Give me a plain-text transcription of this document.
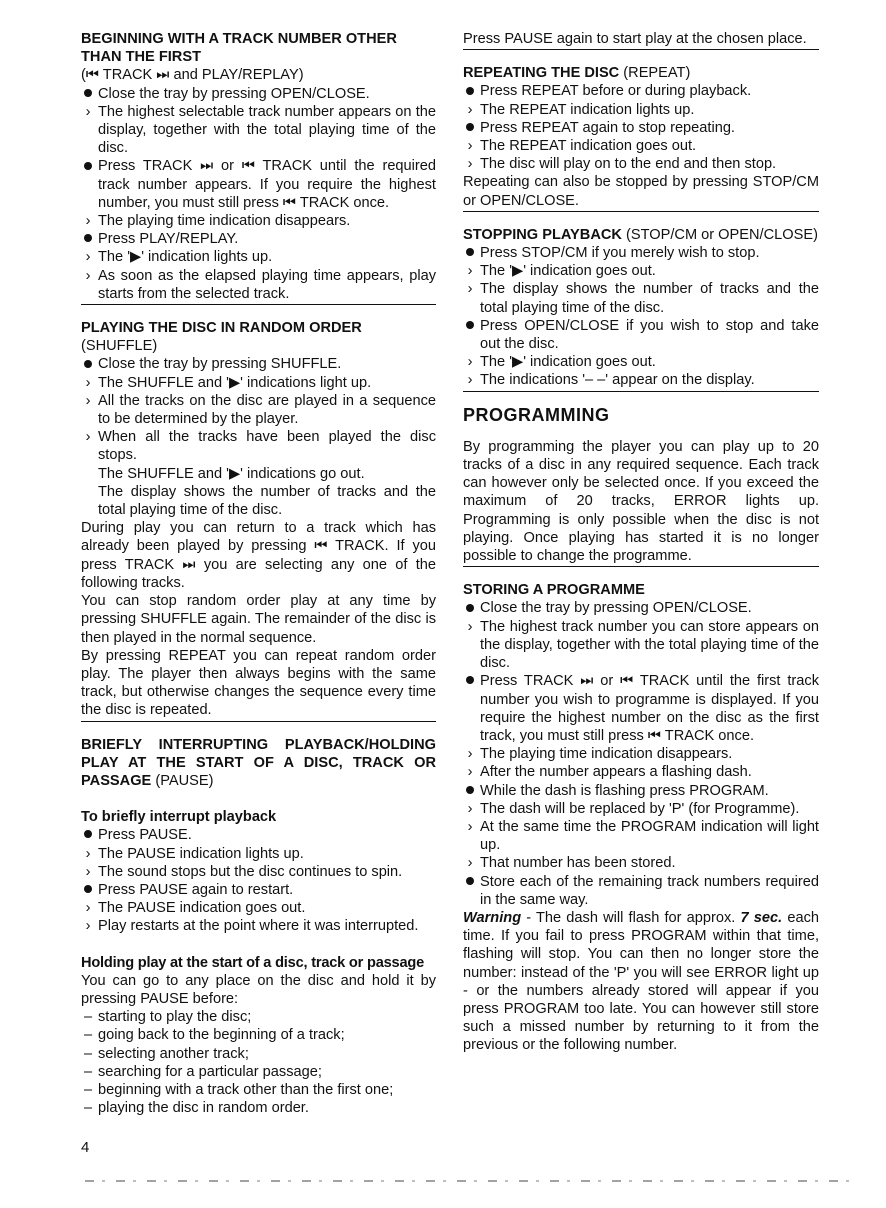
BEGINNING WITH A TRACK NUMBER OTHER THAN THE FIRST
(⏮ TRACK ⏭ and PLAY/REPLAY)
Close the tray by pressing OPEN/CLOSE.
› The highest selectable track number appears on the display, together with the total playing time of the disc.
Press TRACK ⏭ or ⏮ TRACK until the required track number appears. If you require the highest number, you must still press ⏮ TRACK once.
› The playing time indication disappears.
Press PLAY/REPLAY.
› The '▶' indication lights up.
› As soon as the elapsed playing time appears, play starts from the selected track.
PLAYING THE DISC IN RANDOM ORDER
(SHUFFLE)
Close the tray by pressing SHUFFLE.
› The SHUFFLE and '▶' indications light up.
› All the tracks on the disc are played in a sequence to be determined by the player.
› When all the tracks have been played the disc stops.
The SHUFFLE and '▶' indications go out.
The display shows the number of tracks and the total playing time of the disc.
During play you can return to a track which has already been played by pressing ⏮ TRACK. If you press TRACK ⏭ you are selecting any one of the following tracks.
You can stop random order play at any time by pressing SHUFFLE again. The remainder of the disc is then played in the normal sequence.
By pressing REPEAT you can repeat random order play. The player then always begins with the same track, but otherwise changes the sequence every time the disc is repeated.
BRIEFLY INTERRUPTING PLAYBACK/HOLDING PLAY AT THE START OF A DISC, TRACK OR PASSAGE (PAUSE)
To briefly interrupt playback
Press PAUSE.
› The PAUSE indication lights up.
› The sound stops but the disc continues to spin.
Press PAUSE again to restart.
› The PAUSE indication goes out.
› Play restarts at the point where it was interrupted.
Holding play at the start of a disc, track or passage
You can go to any place on the disc and hold it by pressing PAUSE before:
– starting to play the disc;
– going back to the beginning of a track;
– selecting another track;
– searching for a particular passage;
– beginning with a track other than the first one;
– playing the disc in random order.
Press PAUSE again to start play at the chosen place.
REPEATING THE DISC (REPEAT)
Press REPEAT before or during playback.
› The REPEAT indication lights up.
Press REPEAT again to stop repeating.
› The REPEAT indication goes out.
› The disc will play on to the end and then stop.
Repeating can also be stopped by pressing STOP/CM or OPEN/CLOSE.
STOPPING PLAYBACK (STOP/CM or OPEN/CLOSE)
Press STOP/CM if you merely wish to stop.
› The '▶' indication goes out.
› The display shows the number of tracks and the total playing time of the disc.
Press OPEN/CLOSE if you wish to stop and take out the disc.
› The '▶' indication goes out.
› The indications '– –' appear on the display.
PROGRAMMING
By programming the player you can play up to 20 tracks of a disc in any required sequence. Each track can however only be selected once. If you exceed the maximum of 20 tracks, ERROR lights up. Programming is only possible when the disc is not playing. Once playing has started it is no longer possible to change the programme.
STORING A PROGRAMME
Close the tray by pressing OPEN/CLOSE.
› The highest track number you can store appears on the display, together with the total playing time of the disc.
Press TRACK ⏭ or ⏮ TRACK until the first track number you wish to programme is displayed. If you require the highest number on the disc as the first track, you must still press ⏮ TRACK once.
› The playing time indication disappears.
› After the number appears a flashing dash.
While the dash is flashing press PROGRAM.
› The dash will be replaced by 'P' (for Programme).
› At the same time the PROGRAM indication will light up.
› That number has been stored.
Store each of the remaining track numbers required in the same way.
Warning - The dash will flash for approx. 7 sec. each time. If you fail to press PROGRAM within that time, flashing will stop. You can then no longer store the number: instead of the 'P' you will see ERROR light up - or the numbers already stored will appear if you press PROGRAM too late. You can however still store such a missed number by returning to it from the previous or the following number.
4
